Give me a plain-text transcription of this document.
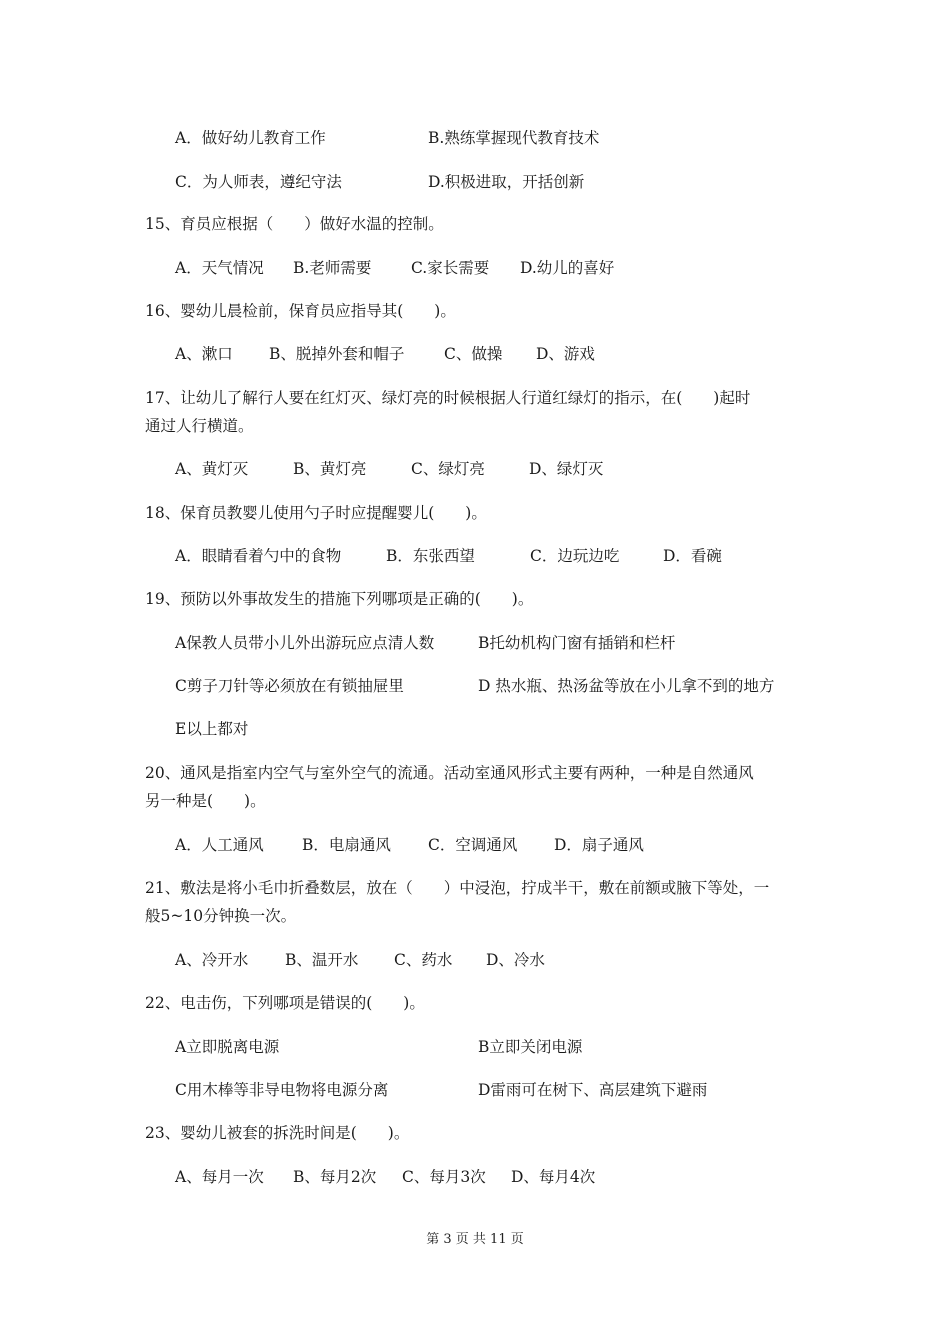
A．做好幼儿教育工作	B.熟练掌握现代教育技术
C．为人师表，遵纪守法	D.积极进取，开括创新
15、育员应根据（　　）做好水温的控制。
A．天气情况 B.老师需要	C.家长需要 D.幼儿的喜好
16、婴幼儿晨检前，保育员应指导其(　　)。
A、漱口 B、脱掉外套和帽子	C、做操 D、游戏
17、让幼儿了解行人要在红灯灭、绿灯亮的时候根据人行道红绿灯的指示，在(　　)起时
通过人行横道。
A、黄灯灭	B、黄灯亮	C、绿灯亮	D、绿灯灭
18、保育员教婴儿使用勺子时应提醒婴儿(　　)。
A．眼睛看着勺中的食物	B．东张西望	C．边玩边吃	D．看碗
19、预防以外事故发生的措施下列哪项是正确的(　　)。
A保教人员带小儿外出游玩应点清人数	B托幼机构门窗有插销和栏杆
C剪子刀针等必须放在有锁抽屉里	D 热水瓶、热汤盆等放在小儿拿不到的地方
E以上都对
20、通风是指室内空气与室外空气的流通。活动室通风形式主要有两种，一种是自然通风
另一种是(　　)。
A．人工通风 B．电扇通风 C．空调通风 D．扇子通风
21、敷法是将小毛巾折叠数层，放在（　　）中浸泡，拧成半干，敷在前额或腋下等处，一
般5~10分钟换一次。
A、冷开水 B、温开水 C、药水 D、冷水
22、电击伤，下列哪项是错误的(　　)。
A立即脱离电源	B立即关闭电源
C用木棒等非导电物将电源分离	D雷雨可在树下、高层建筑下避雨
23、婴幼儿被套的拆洗时间是(　　)。
A、每月一次 B、每月2次 C、每月3次 D、每月4次
第 3 页 共 11 页
